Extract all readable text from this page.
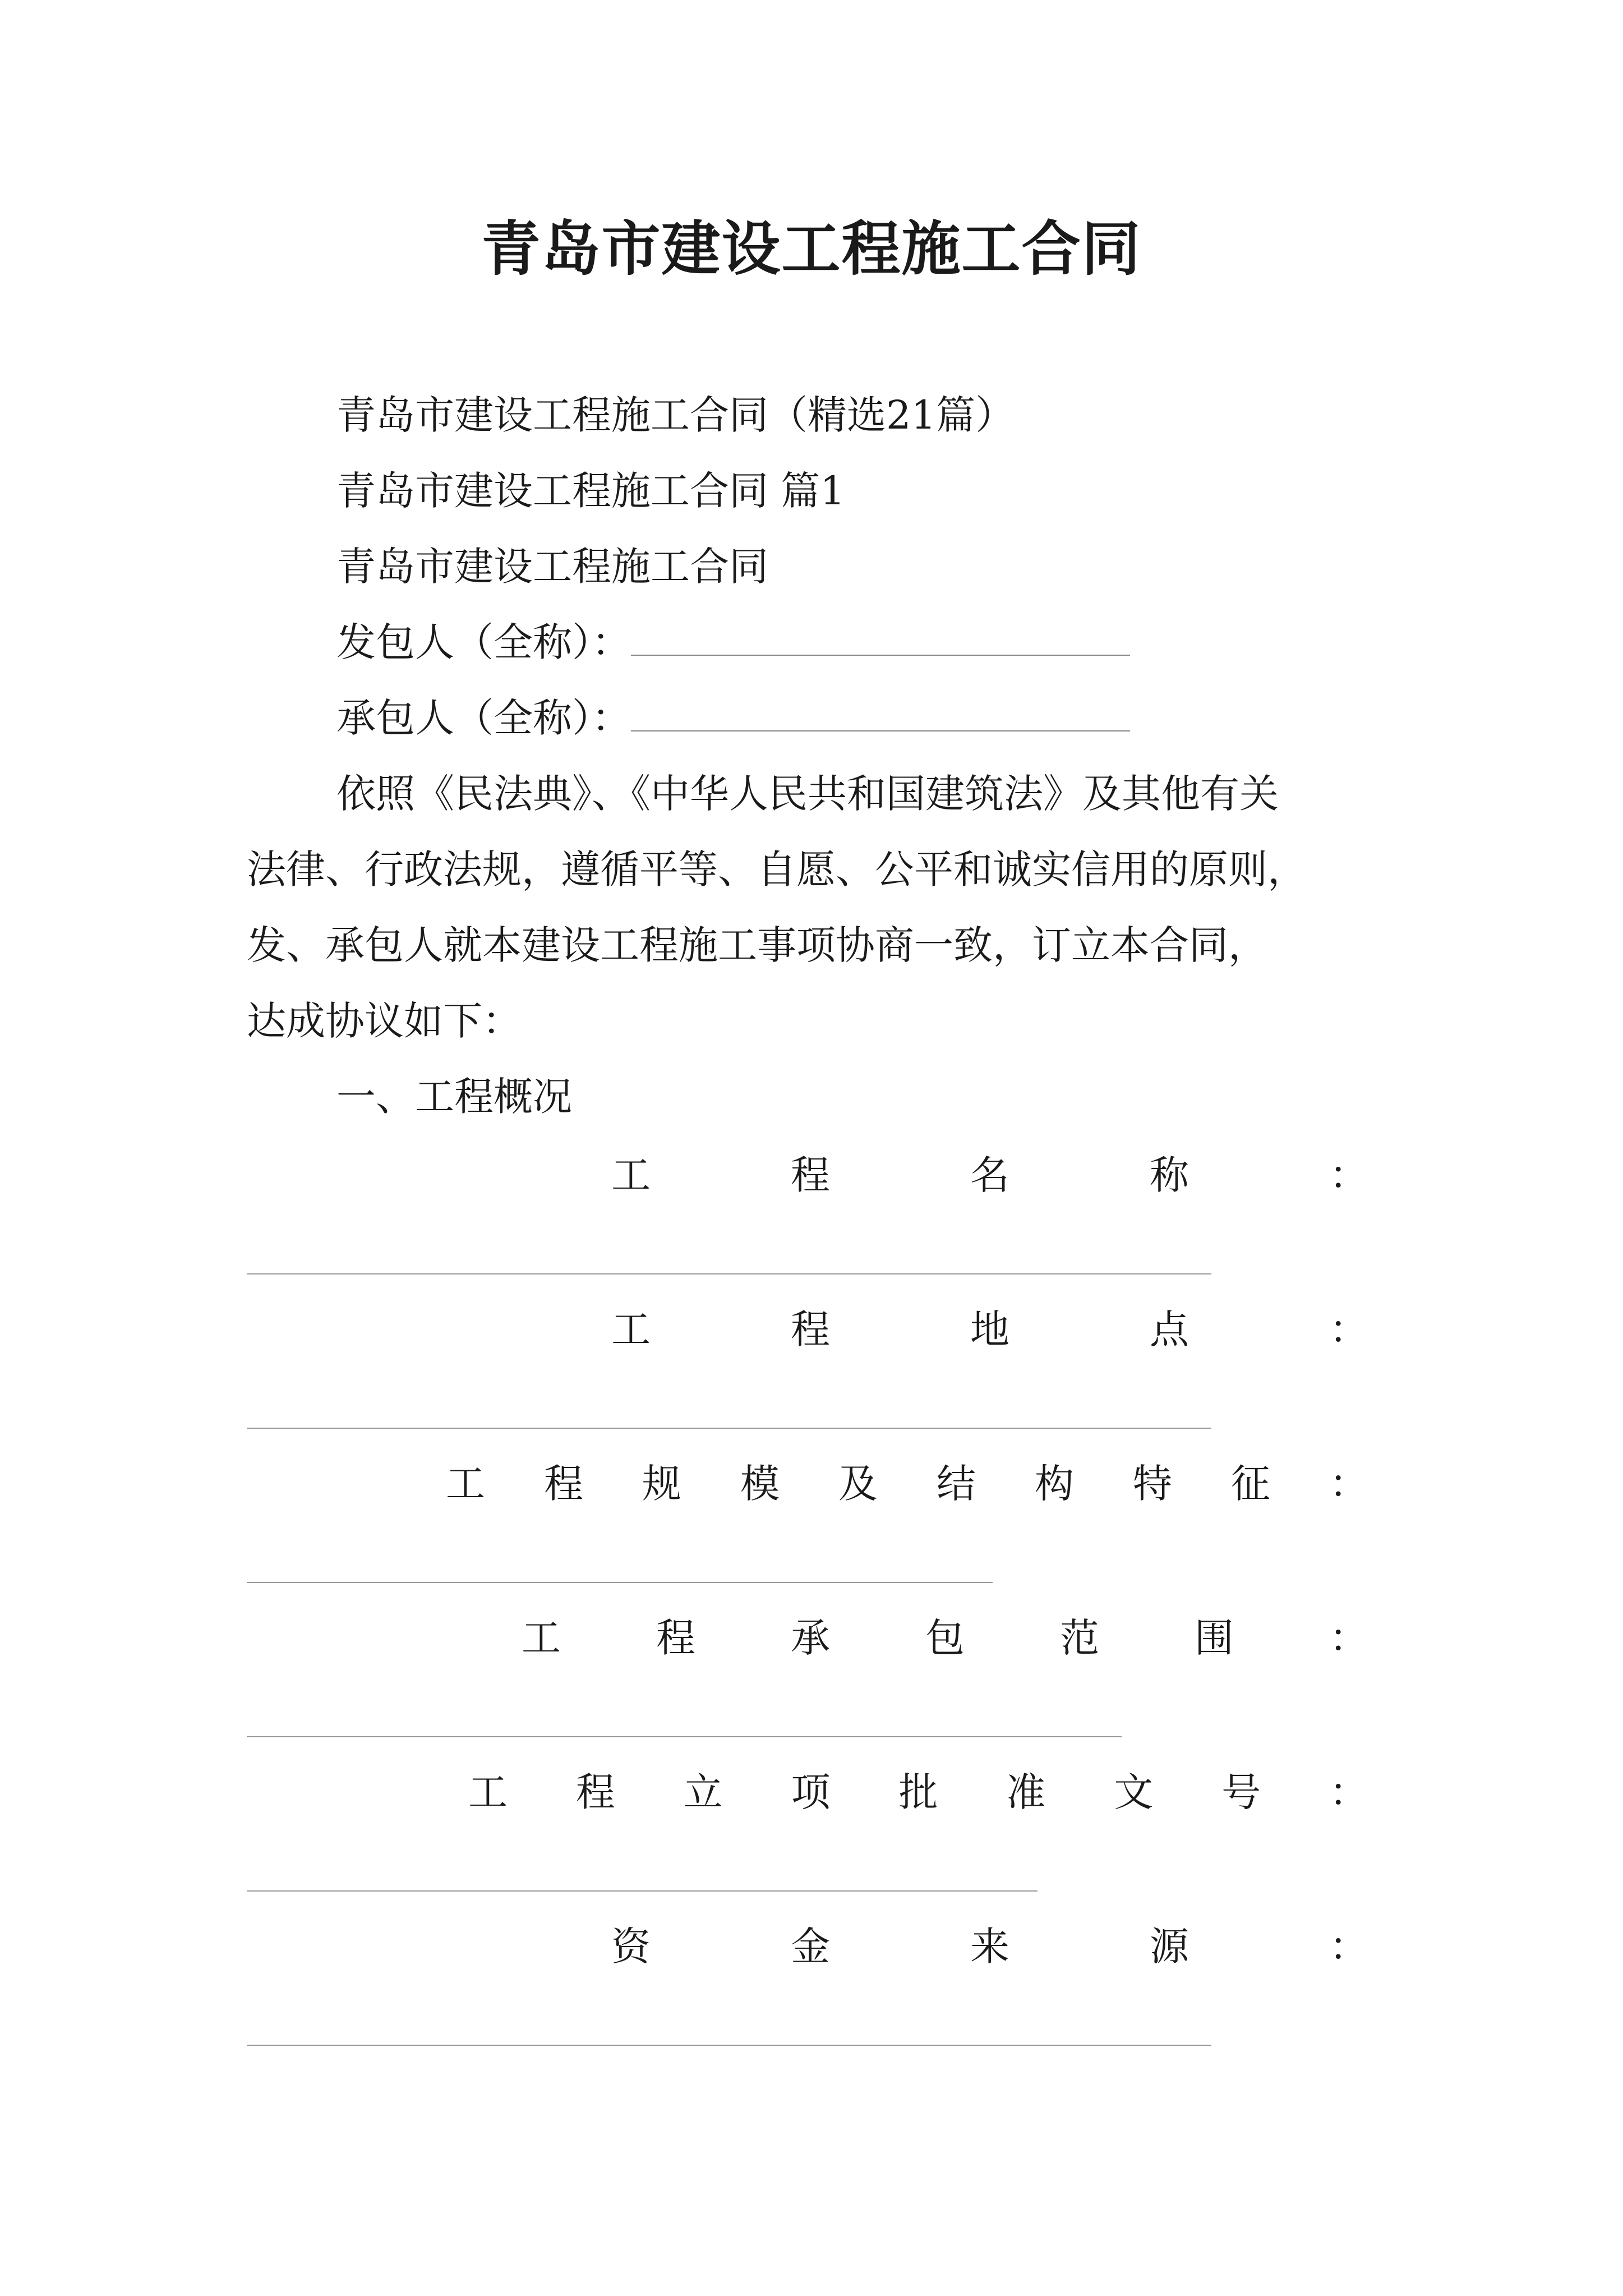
青岛市建设工程施工合同

青岛市建设工程施工合同（精选21篇）

青岛市建设工程施工合同 篇1

青岛市建设工程施工合同

发包人（全称）：

承包人（全称）：

依照《民法典》、《中华人民共和国建筑法》及其他有关

法律、行政法规，遵循平等、自愿、公平和诚实信用的原则，

发、承包人就本建设工程施工事项协商一致，订立本合同，

达成协议如下：

一、工程概况

工	程	名	称	：
工	程	地	点	：
工 程 规 模 及 结 构 特 征 ：
工 程 承 包 范 围 ：
工 程 立 项 批 准 文 号 ：
资	金	来	源	：
